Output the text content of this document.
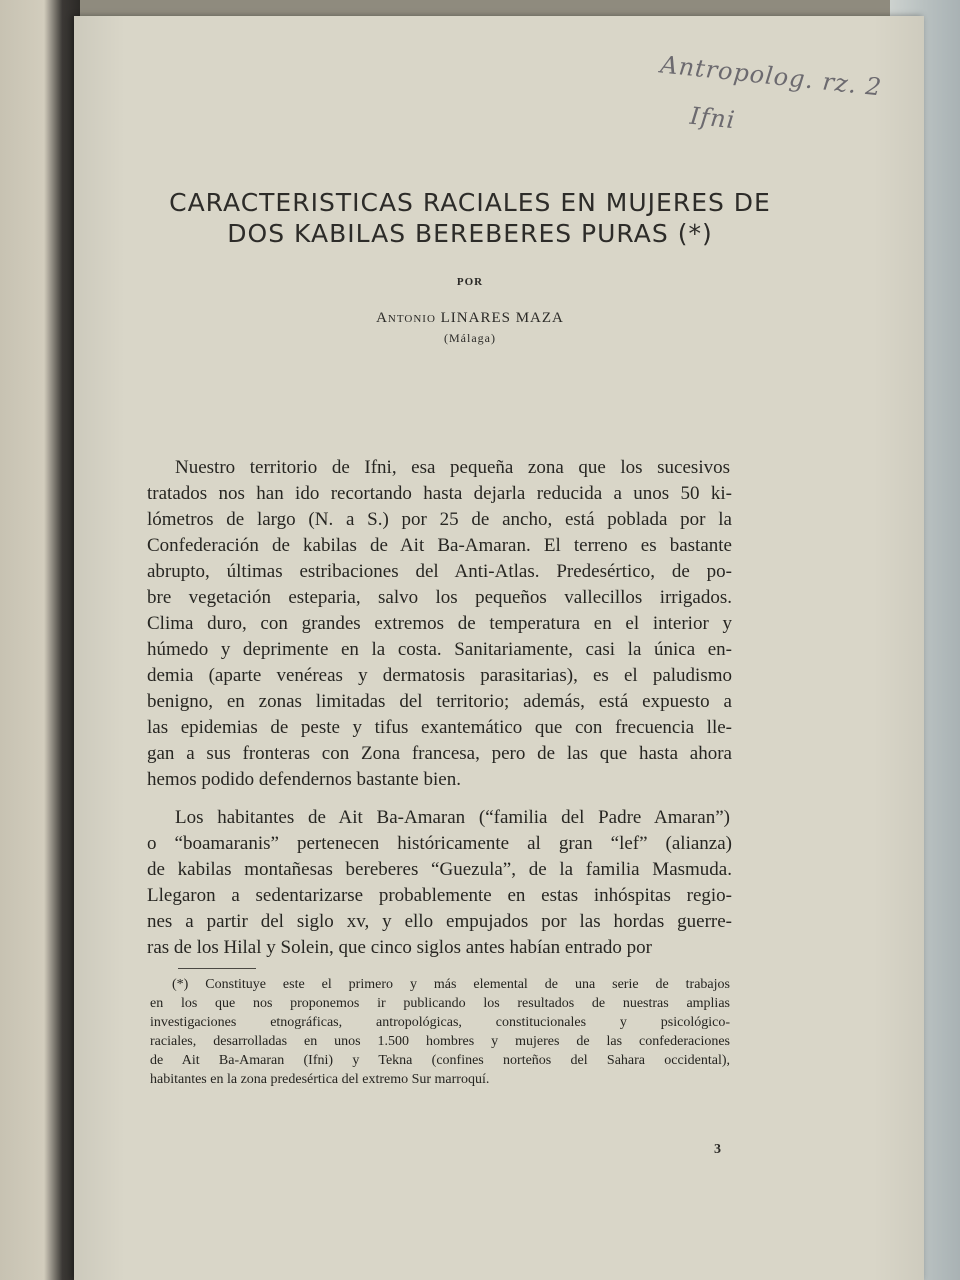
Antropolog. rz. 2
Ifni
CARACTERISTICAS RACIALES EN MUJERES DE
DOS KABILAS BEREBERES PURAS (*)
POR
Antonio LINARES MAZA
(Málaga)
Nuestro territorio de Ifni, esa pequeña zona que los sucesivos
tratados nos han ido recortando hasta dejarla reducida a unos 50 ki-
lómetros de largo (N. a S.) por 25 de ancho, está poblada por la
Confederación de kabilas de Ait Ba-Amaran. El terreno es bastante
abrupto, últimas estribaciones del Anti-Atlas. Predesértico, de po-
bre vegetación esteparia, salvo los pequeños vallecillos irrigados.
Clima duro, con grandes extremos de temperatura en el interior y
húmedo y deprimente en la costa. Sanitariamente, casi la única en-
demia (aparte venéreas y dermatosis parasitarias), es el paludismo
benigno, en zonas limitadas del territorio; además, está expuesto a
las epidemias de peste y tifus exantemático que con frecuencia lle-
gan a sus fronteras con Zona francesa, pero de las que hasta ahora
hemos podido defendernos bastante bien.
Los habitantes de Ait Ba-Amaran (“familia del Padre Amaran”)
o “boamaranis” pertenecen históricamente al gran “lef” (alianza)
de kabilas montañesas bereberes “Guezula”, de la familia Masmuda.
Llegaron a sedentarizarse probablemente en estas inhóspitas regio-
nes a partir del siglo xv, y ello empujados por las hordas guerre-
ras de los Hilal y Solein, que cinco siglos antes habían entrado por
(*) Constituye este el primero y más elemental de una serie de trabajos
en los que nos proponemos ir publicando los resultados de nuestras amplias
investigaciones etnográficas, antropológicas, constitucionales y psicológico-
raciales, desarrolladas en unos 1.500 hombres y mujeres de las confederaciones
de Ait Ba-Amaran (Ifni) y Tekna (confines norteños del Sahara occidental),
habitantes en la zona predesértica del extremo Sur marroquí.
3
